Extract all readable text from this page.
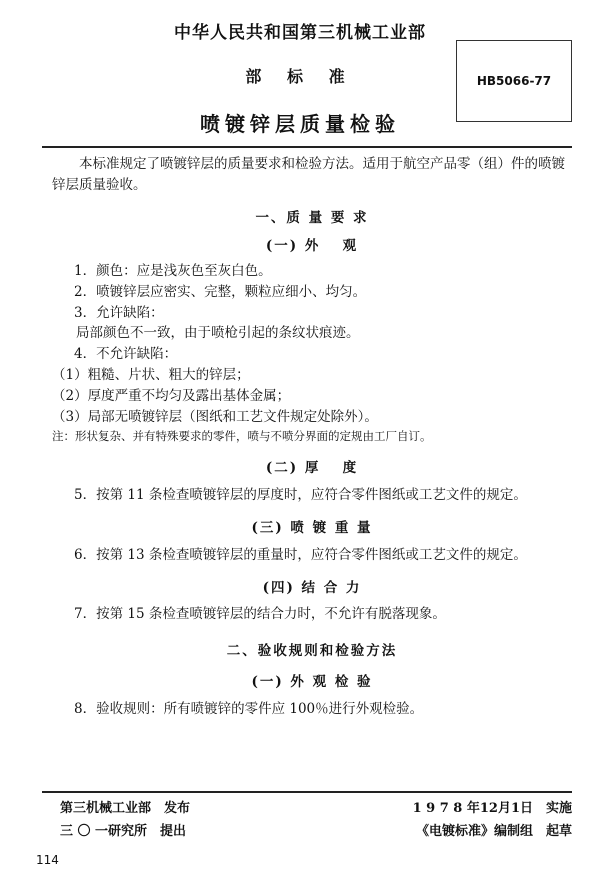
中华人民共和国第三机械工业部
部 标 准
喷镀锌层质量检验
HB5066-77

本标准规定了喷镀锌层的质量要求和检验方法。适用于航空产品零（组）件的喷镀锌层质量验收。

一、质 量 要 求

(一) 外　 观

1．颜色：应是浅灰色至灰白色。

2．喷镀锌层应密实、完整，颗粒应细小、均匀。

3．允许缺陷：

局部颜色不一致，由于喷枪引起的条纹状痕迹。

4．不允许缺陷：

（1）粗糙、片状、粗大的锌层；

（2）厚度严重不均匀及露出基体金属；

（3）局部无喷镀锌层（图纸和工艺文件规定处除外）。

注：形状复杂、并有特殊要求的零件，喷与不喷分界面的定规由工厂自订。

(二) 厚　 度

5．按第 11 条检查喷镀锌层的厚度时，应符合零件图纸或工艺文件的规定。

(三) 喷 镀 重 量

6．按第 13 条检查喷镀锌层的重量时，应符合零件图纸或工艺文件的规定。

(四) 结 合 力

7．按第 15 条检查喷镀锌层的结合力时，不允许有脱落现象。

二、验收规则和检验方法

(一) 外 观 检 验

8．验收规则：所有喷镀锌的零件应 100％进行外观检验。

第三机械工业部　发布	1 9 7 8 年12月1日　实施
三 〇 一研究所　提出	《电镀标准》编制组　起草
114
